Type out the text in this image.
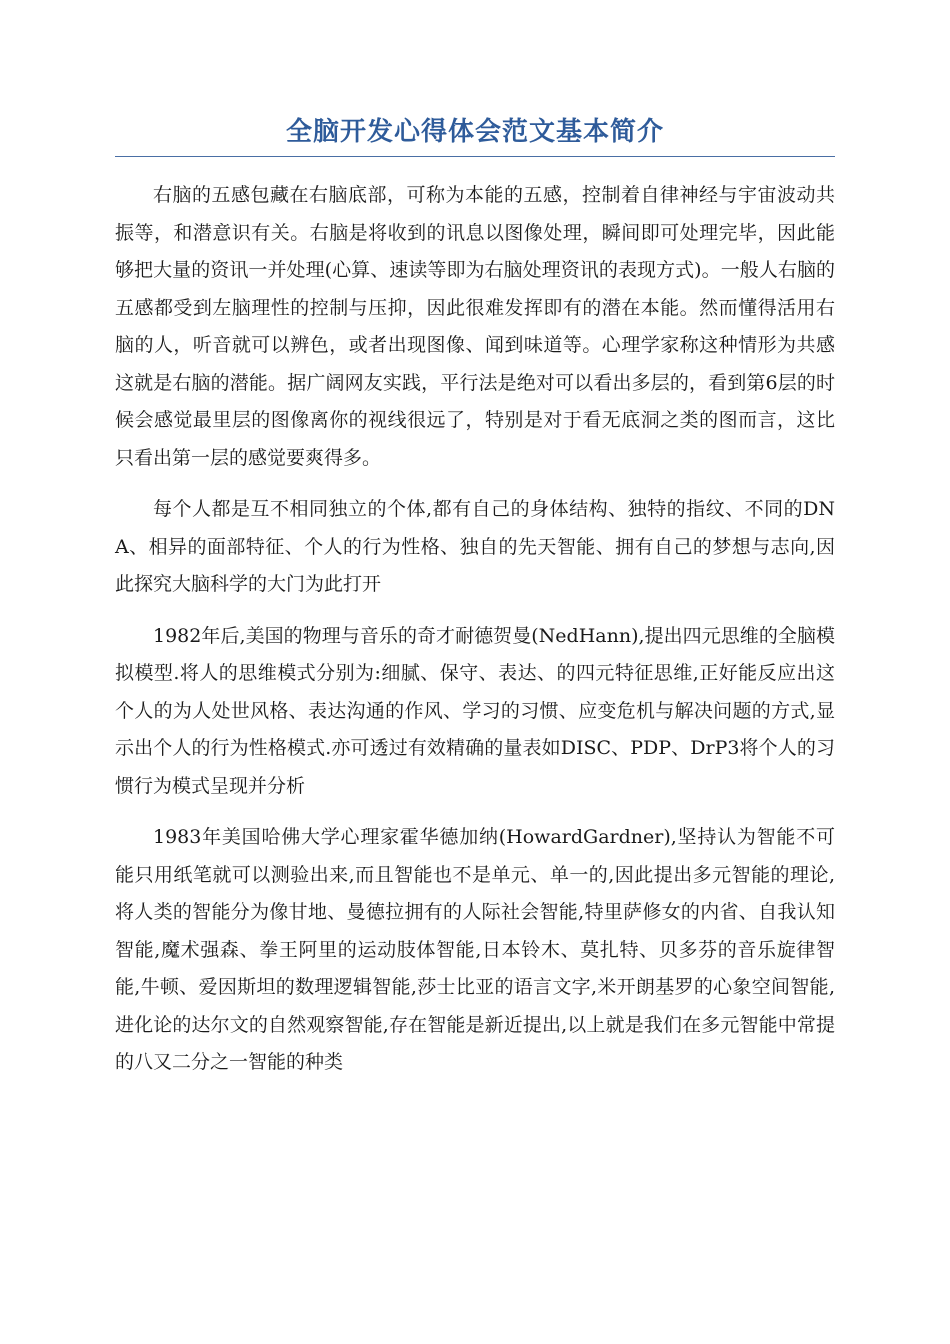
全脑开发心得体会范文基本简介

右脑的五感包藏在右脑底部，可称为本能的五感，控制着自律神经与宇宙波动共振等，和潜意识有关。右脑是将收到的讯息以图像处理，瞬间即可处理完毕，因此能够把大量的资讯一并处理(心算、速读等即为右脑处理资讯的表现方式)。一般人右脑的五感都受到左脑理性的控制与压抑，因此很难发挥即有的潜在本能。然而懂得活用右脑的人，听音就可以辨色，或者出现图像、闻到味道等。心理学家称这种情形为共感这就是右脑的潜能。据广阔网友实践，平行法是绝对可以看出多层的，看到第6层的时候会感觉最里层的图像离你的视线很远了，特别是对于看无底洞之类的图而言，这比只看出第一层的感觉要爽得多。

每个人都是互不相同独立的个体,都有自己的身体结构、独特的指纹、不同的DNA、相异的面部特征、个人的行为性格、独自的先天智能、拥有自己的梦想与志向,因此探究大脑科学的大门为此打开

1982年后,美国的物理与音乐的奇才耐德贺曼(NedHann),提出四元思维的全脑模拟模型.将人的思维模式分别为:细腻、保守、表达、的四元特征思维,正好能反应出这个人的为人处世风格、表达沟通的作风、学习的习惯、应变危机与解决问题的方式,显示出个人的行为性格模式.亦可透过有效精确的量表如DISC、PDP、DrP3将个人的习惯行为模式呈现并分析

1983年美国哈佛大学心理家霍华德加纳(HowardGardner),坚持认为智能不可能只用纸笔就可以测验出来,而且智能也不是单元、单一的,因此提出多元智能的理论,将人类的智能分为像甘地、曼德拉拥有的人际社会智能,特里萨修女的内省、自我认知智能,魔术强森、拳王阿里的运动肢体智能,日本铃木、莫扎特、贝多芬的音乐旋律智能,牛顿、爱因斯坦的数理逻辑智能,莎士比亚的语言文字,米开朗基罗的心象空间智能,进化论的达尔文的自然观察智能,存在智能是新近提出,以上就是我们在多元智能中常提的八又二分之一智能的种类
